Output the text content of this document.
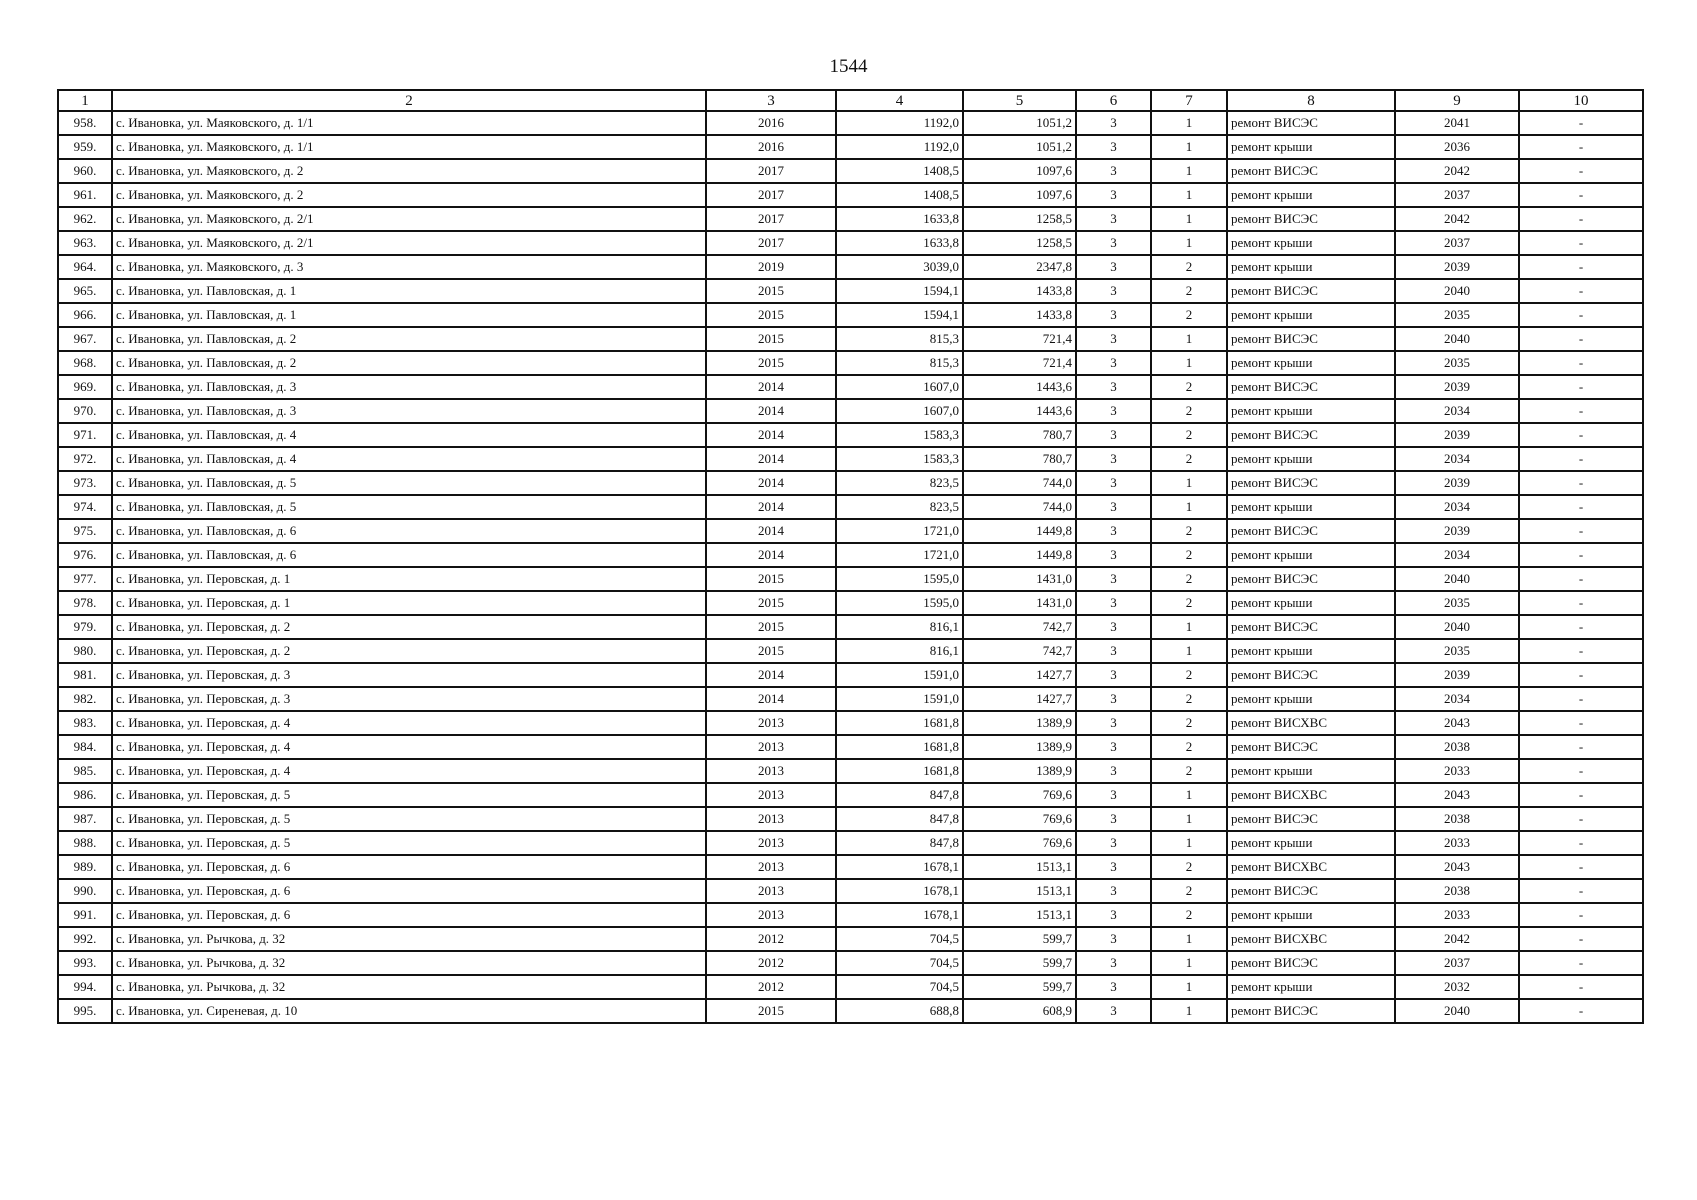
1544
1	2	3	4	5	6	7	8	9	10
958.	с. Ивановка, ул. Маяковского, д. 1/1	2016	1192,0	1051,2	3	1	ремонт ВИСЭС	2041	-
959.	с. Ивановка, ул. Маяковского, д. 1/1	2016	1192,0	1051,2	3	1	ремонт крыши	2036	-
960.	с. Ивановка, ул. Маяковского, д. 2	2017	1408,5	1097,6	3	1	ремонт ВИСЭС	2042	-
961.	с. Ивановка, ул. Маяковского, д. 2	2017	1408,5	1097,6	3	1	ремонт крыши	2037	-
962.	с. Ивановка, ул. Маяковского, д. 2/1	2017	1633,8	1258,5	3	1	ремонт ВИСЭС	2042	-
963.	с. Ивановка, ул. Маяковского, д. 2/1	2017	1633,8	1258,5	3	1	ремонт крыши	2037	-
964.	с. Ивановка, ул. Маяковского, д. 3	2019	3039,0	2347,8	3	2	ремонт крыши	2039	-
965.	с. Ивановка, ул. Павловская, д. 1	2015	1594,1	1433,8	3	2	ремонт ВИСЭС	2040	-
966.	с. Ивановка, ул. Павловская, д. 1	2015	1594,1	1433,8	3	2	ремонт крыши	2035	-
967.	с. Ивановка, ул. Павловская, д. 2	2015	815,3	721,4	3	1	ремонт ВИСЭС	2040	-
968.	с. Ивановка, ул. Павловская, д. 2	2015	815,3	721,4	3	1	ремонт крыши	2035	-
969.	с. Ивановка, ул. Павловская, д. 3	2014	1607,0	1443,6	3	2	ремонт ВИСЭС	2039	-
970.	с. Ивановка, ул. Павловская, д. 3	2014	1607,0	1443,6	3	2	ремонт крыши	2034	-
971.	с. Ивановка, ул. Павловская, д. 4	2014	1583,3	780,7	3	2	ремонт ВИСЭС	2039	-
972.	с. Ивановка, ул. Павловская, д. 4	2014	1583,3	780,7	3	2	ремонт крыши	2034	-
973.	с. Ивановка, ул. Павловская, д. 5	2014	823,5	744,0	3	1	ремонт ВИСЭС	2039	-
974.	с. Ивановка, ул. Павловская, д. 5	2014	823,5	744,0	3	1	ремонт крыши	2034	-
975.	с. Ивановка, ул. Павловская, д. 6	2014	1721,0	1449,8	3	2	ремонт ВИСЭС	2039	-
976.	с. Ивановка, ул. Павловская, д. 6	2014	1721,0	1449,8	3	2	ремонт крыши	2034	-
977.	с. Ивановка, ул. Перовская, д. 1	2015	1595,0	1431,0	3	2	ремонт ВИСЭС	2040	-
978.	с. Ивановка, ул. Перовская, д. 1	2015	1595,0	1431,0	3	2	ремонт крыши	2035	-
979.	с. Ивановка, ул. Перовская, д. 2	2015	816,1	742,7	3	1	ремонт ВИСЭС	2040	-
980.	с. Ивановка, ул. Перовская, д. 2	2015	816,1	742,7	3	1	ремонт крыши	2035	-
981.	с. Ивановка, ул. Перовская, д. 3	2014	1591,0	1427,7	3	2	ремонт ВИСЭС	2039	-
982.	с. Ивановка, ул. Перовская, д. 3	2014	1591,0	1427,7	3	2	ремонт крыши	2034	-
983.	с. Ивановка, ул. Перовская, д. 4	2013	1681,8	1389,9	3	2	ремонт ВИСХВС	2043	-
984.	с. Ивановка, ул. Перовская, д. 4	2013	1681,8	1389,9	3	2	ремонт ВИСЭС	2038	-
985.	с. Ивановка, ул. Перовская, д. 4	2013	1681,8	1389,9	3	2	ремонт крыши	2033	-
986.	с. Ивановка, ул. Перовская, д. 5	2013	847,8	769,6	3	1	ремонт ВИСХВС	2043	-
987.	с. Ивановка, ул. Перовская, д. 5	2013	847,8	769,6	3	1	ремонт ВИСЭС	2038	-
988.	с. Ивановка, ул. Перовская, д. 5	2013	847,8	769,6	3	1	ремонт крыши	2033	-
989.	с. Ивановка, ул. Перовская, д. 6	2013	1678,1	1513,1	3	2	ремонт ВИСХВС	2043	-
990.	с. Ивановка, ул. Перовская, д. 6	2013	1678,1	1513,1	3	2	ремонт ВИСЭС	2038	-
991.	с. Ивановка, ул. Перовская, д. 6	2013	1678,1	1513,1	3	2	ремонт крыши	2033	-
992.	с. Ивановка, ул. Рычкова, д. 32	2012	704,5	599,7	3	1	ремонт ВИСХВС	2042	-
993.	с. Ивановка, ул. Рычкова, д. 32	2012	704,5	599,7	3	1	ремонт ВИСЭС	2037	-
994.	с. Ивановка, ул. Рычкова, д. 32	2012	704,5	599,7	3	1	ремонт крыши	2032	-
995.	с. Ивановка, ул. Сиреневая, д. 10	2015	688,8	608,9	3	1	ремонт ВИСЭС	2040	-
